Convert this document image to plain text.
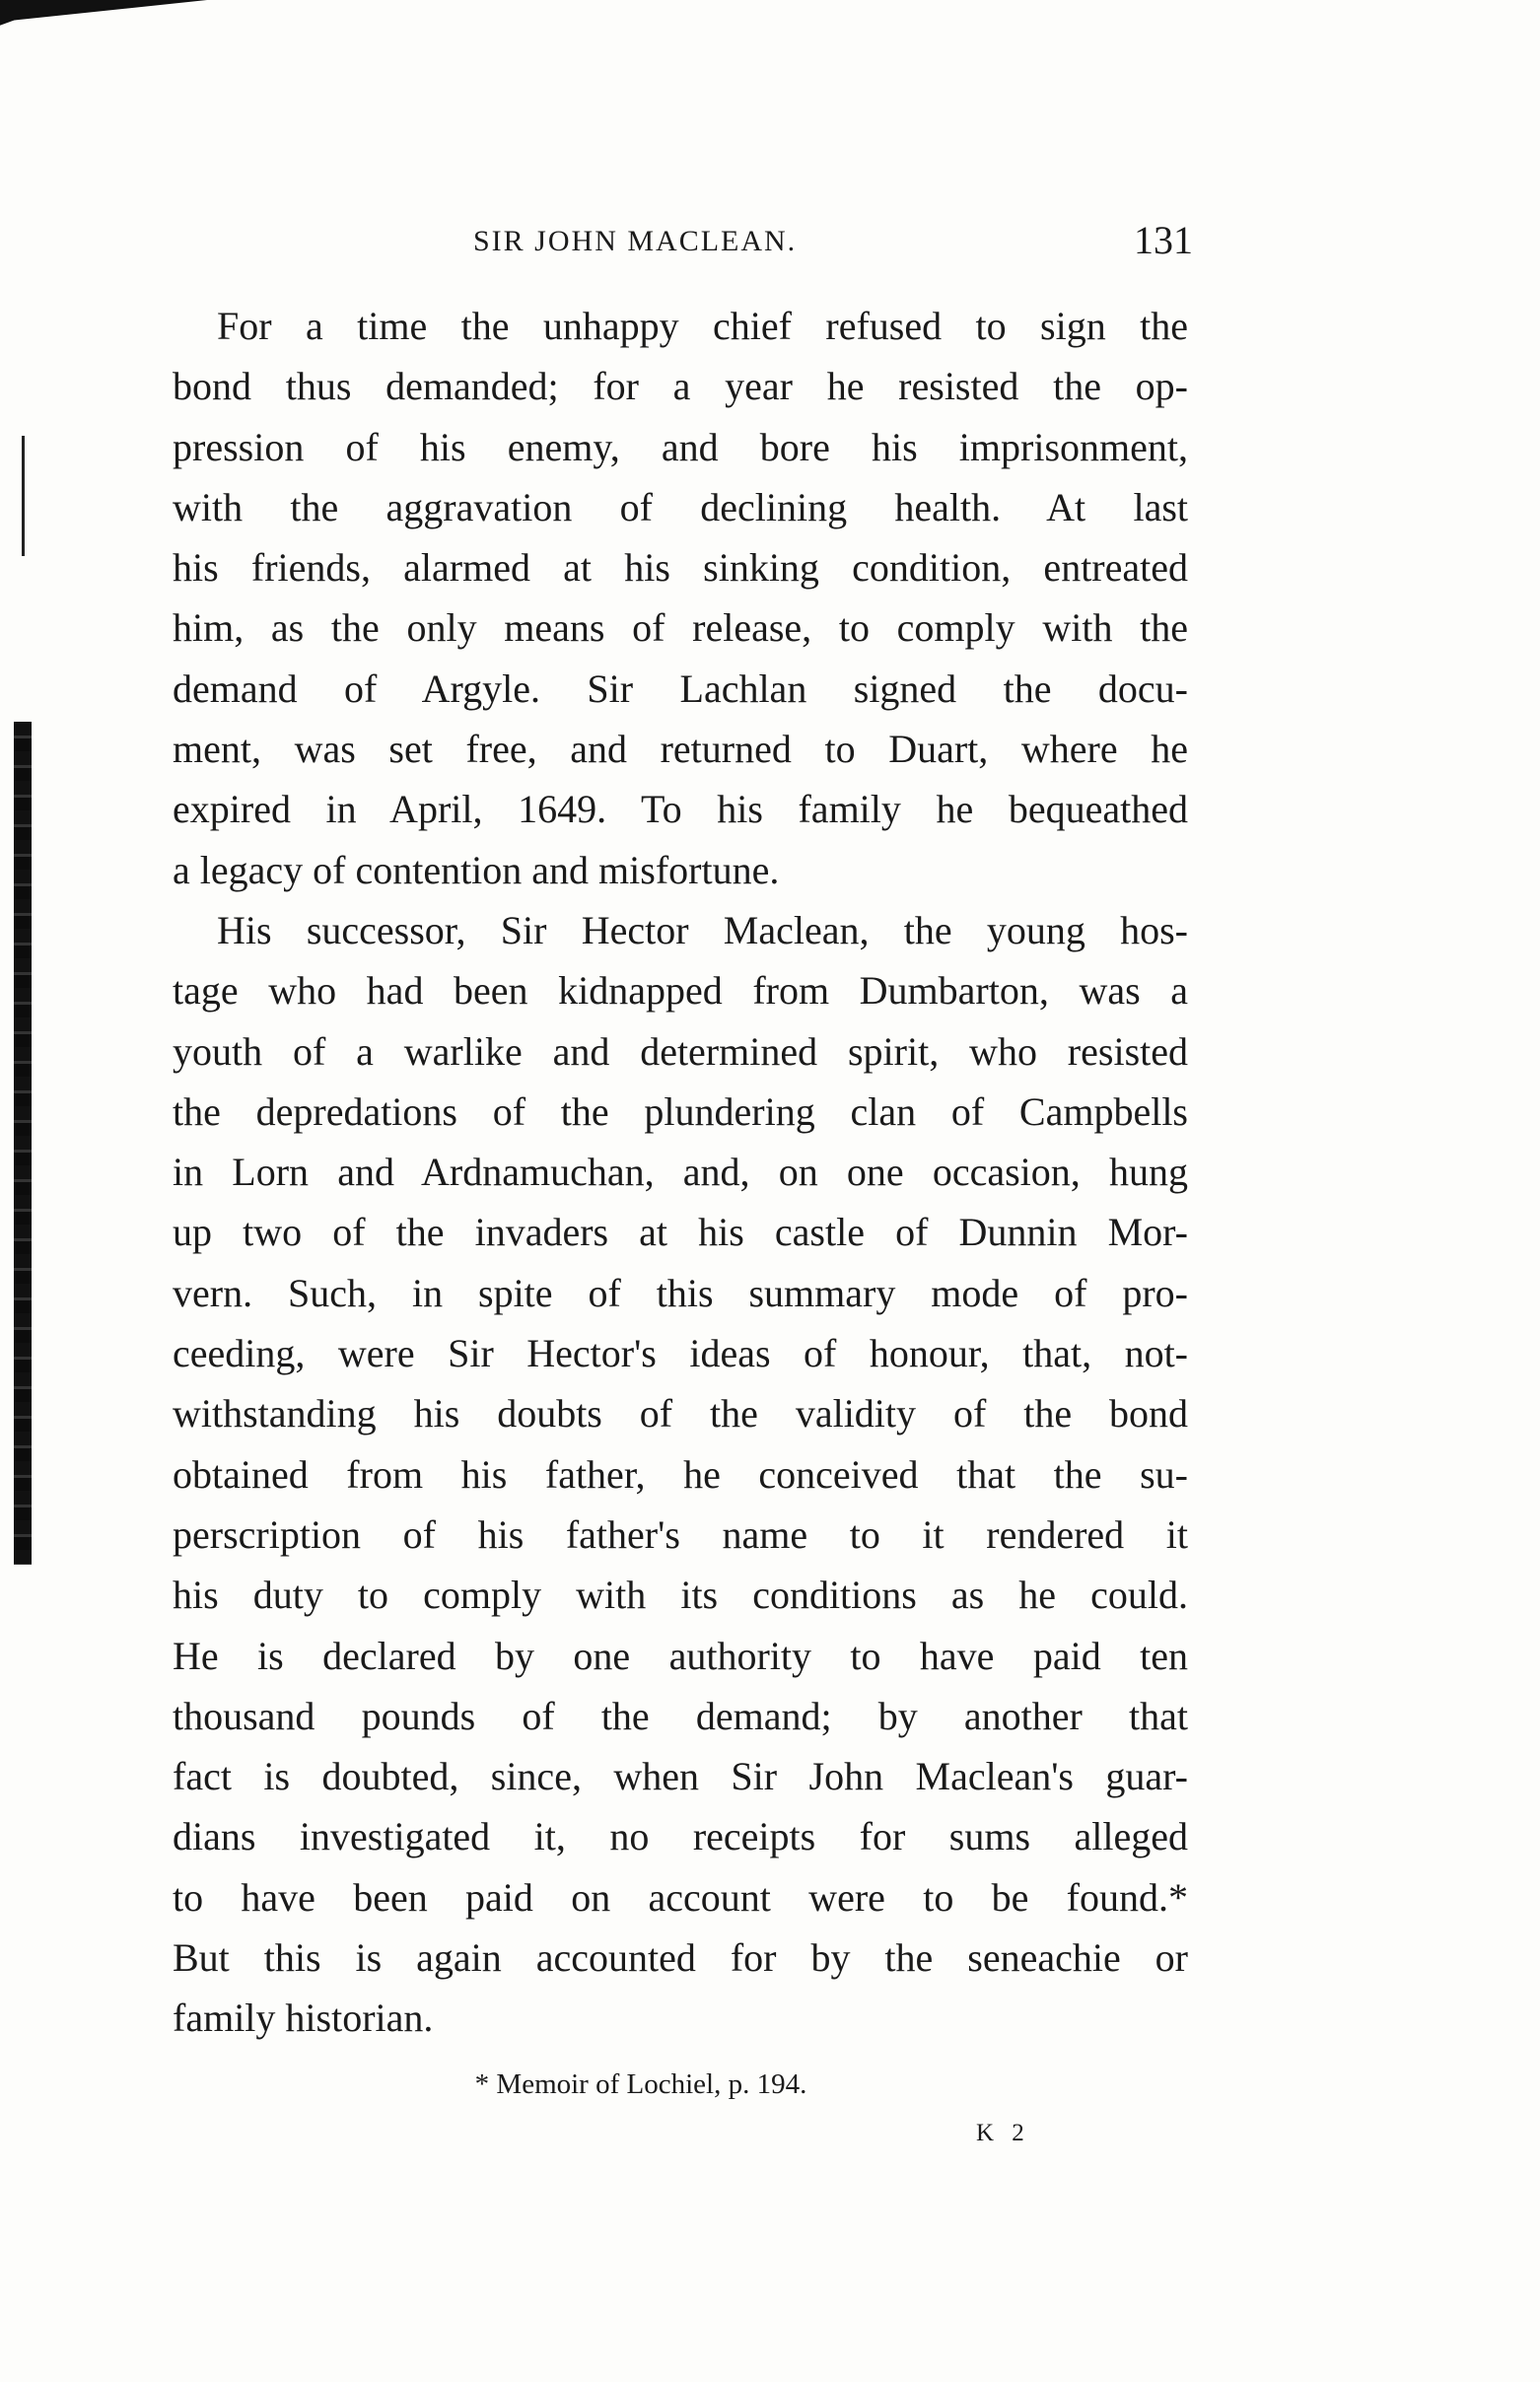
SIR JOHN MACLEAN.	131
For a time the unhappy chief refused to sign the
bond thus demanded; for a year he resisted the op-
pression of his enemy, and bore his imprisonment,
with the aggravation of declining health. At last
his friends, alarmed at his sinking condition, entreated
him, as the only means of release, to comply with the
demand of Argyle. Sir Lachlan signed the docu-
ment, was set free, and returned to Duart, where he
expired in April, 1649. To his family he bequeathed
a legacy of contention and misfortune.
His successor, Sir Hector Maclean, the young hos-
tage who had been kidnapped from Dumbarton, was a
youth of a warlike and determined spirit, who resisted
the depredations of the plundering clan of Campbells
in Lorn and Ardnamuchan, and, on one occasion, hung
up two of the invaders at his castle of Dunnin Mor-
vern. Such, in spite of this summary mode of pro-
ceeding, were Sir Hector's ideas of honour, that, not-
withstanding his doubts of the validity of the bond
obtained from his father, he conceived that the su-
perscription of his father's name to it rendered it
his duty to comply with its conditions as he could.
He is declared by one authority to have paid ten
thousand pounds of the demand; by another that
fact is doubted, since, when Sir John Maclean's guar-
dians investigated it, no receipts for sums alleged
to have been paid on account were to be found.*
But this is again accounted for by the seneachie or
family historian.
* Memoir of Lochiel, p. 194.
K 2
